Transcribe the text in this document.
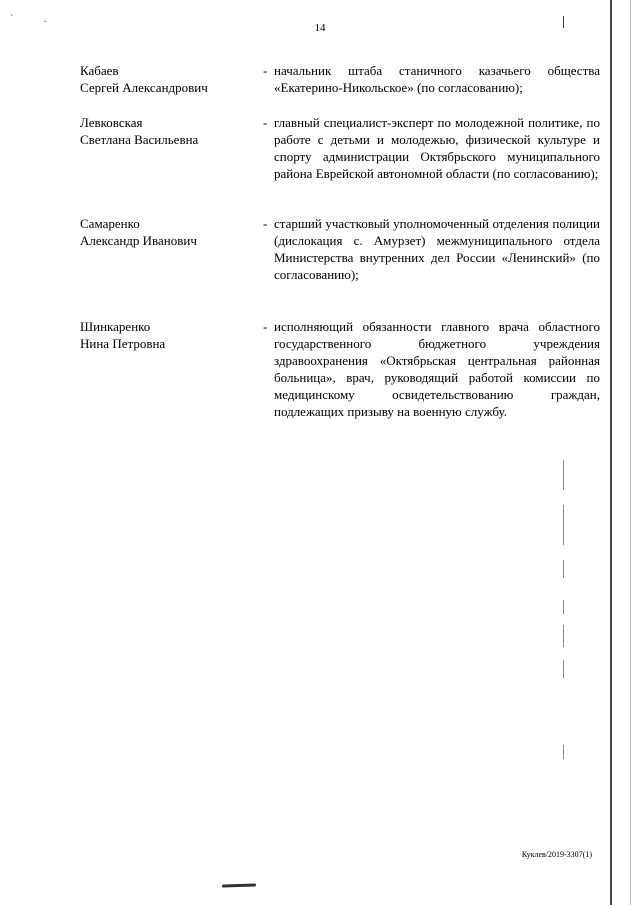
` .
14
Кабаев
Сергей Александрович
- начальник штаба станичного казачьего общества «Екатерино-Никольское» (по согласованию);
Левковская
Светлана Васильевна
- главный специалист-эксперт по молодежной политике, по работе с детьми и молодежью, физической культуре и спорту администрации Октябрьского муниципального района Еврейской автономной области (по согласованию);
Самаренко
Александр Иванович
- старший участковый уполномоченный отделения полиции (дислокация с. Амурзет) межмуниципального отдела Министерства внутренних дел России «Ленинский» (по согласованию);
Шинкаренко
Нина Петровна
- исполняющий обязанности главного врача областного государственного бюджетного учреждения здравоохранения «Октябрьская центральная районная больница», врач, руководящий работой комиссии по медицинскому освидетельствованию граждан, подлежащих призыву на военную службу.
Куклев/2019-3307(1)
